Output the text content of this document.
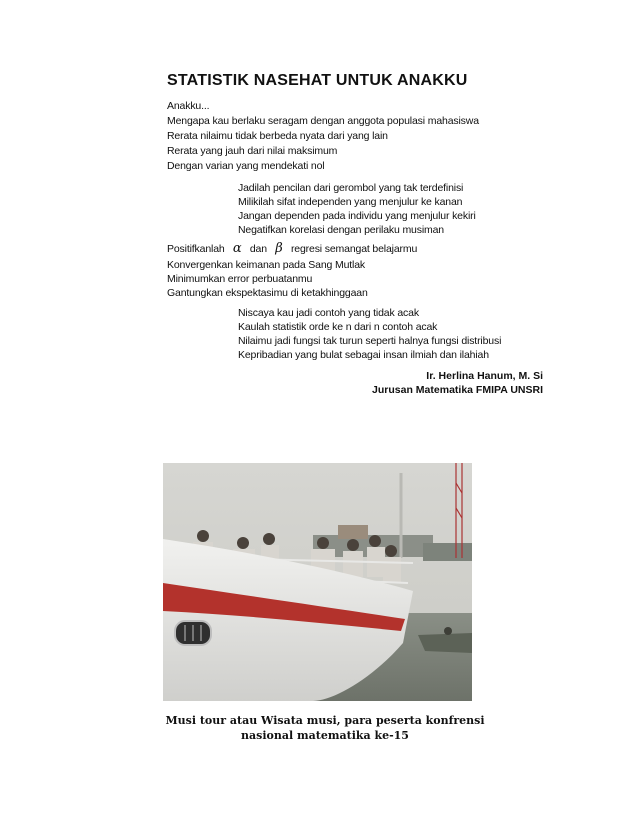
STATISTIK NASEHAT UNTUK ANAKKU
Anakku...
Mengapa kau berlaku seragam dengan anggota populasi mahasiswa
Rerata nilaimu tidak berbeda nyata dari yang lain
Rerata yang jauh dari nilai maksimum
Dengan varian yang mendekati nol
Jadilah pencilan dari gerombol yang tak terdefinisi
Milikilah sifat independen yang menjulur ke kanan
Jangan dependen pada individu yang menjulur kekiri
Negatifkan korelasi dengan perilaku musiman
Positifkanlah α dan β regresi semangat belajarmu
Konvergenkan keimanan pada Sang Mutlak
Minimumkan error perbuatanmu
Gantungkan ekspektasimu di ketakhinggaan
Niscaya kau jadi contoh yang tidak acak
Kaulah statistik orde ke n dari n contoh acak
Nilaimu jadi fungsi tak turun seperti halnya fungsi distribusi
Kepribadian yang bulat sebagai insan ilmiah dan ilahiah
Ir. Herlina Hanum, M. Si
Jurusan Matematika FMIPA UNSRI
Musi tour atau Wisata musi, para peserta konfrensi
nasional matematika ke-15
